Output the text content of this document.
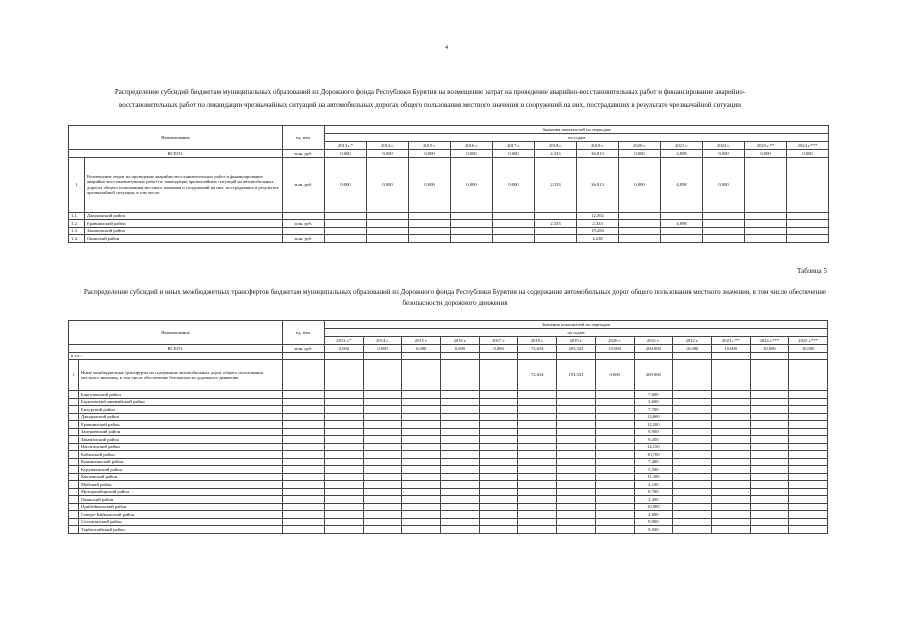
4
Распределение субсидий бюджетам муниципальных образований из Дорожного фонда Республики Бурятия на возмещение затрат на проведение аварийно-восстановительных работ и финансирование аварийно-восстановительных работ по ликвидации чрезвычайных ситуаций на автомобильных дорогах общего пользования местного значения и сооружений на них, пострадавших в результате чрезвычайной ситуации
Наименование		ед. изм.	Значения показателей по периодам											
			по годам											
			2013 г.*	2014 г.	2015 г.	2016 г.	2017 г.	2018 г.	2019 г.	2020 г.	2021 г.	2022 г.	2023 г.**	2024 г.***
ВСЕГО:		млн. руб.	0,000	0,000	0,000	0,000	0,000	2,333	36,813	0,000	4,898	0,000	0,000	0,000
1	Возмещение затрат на проведение аварийно-восстановительных работ и финансирование аварийно-восстановительных работ по ликвидации чрезвычайных ситуаций на автомобильных дорогах общего пользования местного значения и сооружений на них, пострадавших в результате чрезвычайной ситуации, в том числе:	млн. руб.	0,000	0,000	0,000	0,000	0,000	2,333	36,813	0,000	4,898	0,000		
1.1.	Джидинский район								12,502					
1.2.	Еравнинский район	млн. руб.						2,333	2,333		4,898			
1.3.	Закаменский район								19,284					
1.4.	Окинский район	млн. руб.							4,238					
Таблица 5
Распределение субсидий и иных межбюджетных трансфертов бюджетам муниципальных образований из Дорожного фонда Республики Бурятия на содержание автомобильных дорог общего пользования местного значения, в том числе обеспечение безопасности дорожного движения
Наименование		ед. изм.	Значения показателей по периодам												
			по годам												
			2013 г.*	2014 г.	2015 г.	2016 г.	2017 г.	2018 г.	2019 г.	2020 г.	2021 г.	2022 г.	2023 г.**	2024 г.***	2025 г.***
ВСЕГО:		млн. руб.	0,000	0,000	0,000	0,000	0,000	72,634	203,352	10,000	200,000	10,000	10,000	10,000	10,000
в т.ч.:															
1	Иные межбюджетные трансферты на содержание автомобильных дорог общего пользования местного значения, в том числе обеспечение безопасности дорожного движения							72,634	193,352	0,000	200,000				
	Баргузинский район										7,000				
	Баунтовский эвенкийский район										3,600				
	Бичурский район										7,700				
	Джидинский район										13,600				
	Еравнинский район										12,200				
	Заиграевский район										9,900				
	Закаменский район										9,450				
	Иволгинский район										14,150				
	Кабанский район										10,700				
	Кижингинский район										7,400				
	Курумканский район										5,500				
	Кяхтинский район										11,300				
	Муйский район										4,100				
	Мухоршибирский район										8,700				
	Окинский район										2,400				
	Прибайкальский район										10,900				
	Северо-Байкальский район										4,800				
	Селенгинский район										9,900				
	Тарбагатайский район										9,500				
